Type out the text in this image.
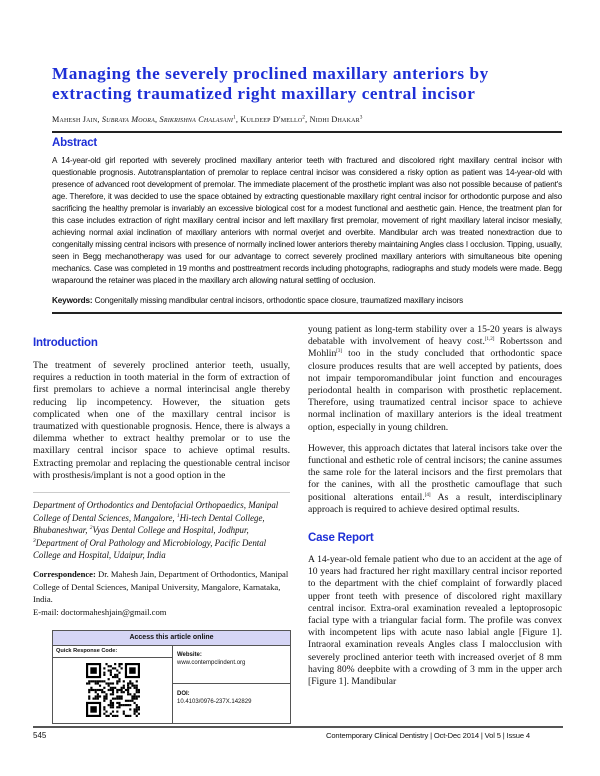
Managing the severely proclined maxillary anteriors by extracting traumatized right maxillary central incisor
Mahesh Jain, Subraya Moora, Srikrishna Chalasani$^1$, Kuldeep D'mello$^2$, Nidhi Dhakar$^3$
Abstract

A 14-year-old girl reported with severely proclined maxillary anterior teeth with fractured and discolored right maxillary central incisor with questionable prognosis. Autotransplantation of premolar to replace central incisor was considered a risky option as patient was 14-year-old with presence of advanced root development of premolar. The immediate placement of the prosthetic implant was also not possible because of patient's age. Therefore, it was decided to use the space obtained by extracting questionable maxillary right central incisor for orthodontic purpose and also sacrificing the healthy premolar is invariably an excessive biological cost for a modest functional and aesthetic gain. Hence, the treatment plan for this case includes extraction of right maxillary central incisor and left maxillary first premolar, movement of right maxillary lateral incisor mesially, achieving normal axial inclination of maxillary anteriors with normal overjet and overbite. Mandibular arch was treated nonextraction due to congenitally missing central incisors with presence of normally inclined lower anteriors thereby maintaining Angles class I occlusion. Tipping, usually, seen in Begg mechanotherapy was used for our advantage to correct severely proclined maxillary anteriors with simultaneous bite opening mechanics. Case was completed in 19 months and posttreatment records including photographs, radiographs and study models were made. Begg wraparound the retainer was placed in the maxillary arch allowing natural settling of occlusion.

Keywords: Congenitally missing mandibular central incisors, orthodontic space closure, traumatized maxillary incisors
Introduction

The treatment of severely proclined anterior teeth, usually, requires a reduction in tooth material in the form of extraction of first premolars to achieve a normal interincisal angle thereby reducing lip incompetency. However, the situation gets complicated when one of the maxillary central incisor is traumatized with questionable prognosis. Hence, there is always a dilemma whether to extract healthy premolar or to use the maxillary central incisor space to achieve optimal results. Extracting premolar and replacing the questionable central incisor with prosthesis/implant is not a good option in the

Department of Orthodontics and Dentofacial Orthopaedics, Manipal College of Dental Sciences, Mangalore, $^1$Hi-tech Dental College, Bhubaneshwar, $^2$Vyas Dental College and Hospital, Jodhpur, $^3$Department of Oral Pathology and Microbiology, Pacific Dental College and Hospital, Udaipur, India
Correspondence: Dr. Mahesh Jain, Department of Orthodontics, Manipal College of Dental Sciences, Manipal University, Mangalore, Karnataka, India.
E-mail: doctormaheshjain@gmail.com
Access this article online
Quick Response Code:
Website:
www.contempclindent.org
DOI:
10.4103/0976-237X.142829

young patient as long-term stability over a 15-20 years is always debatable with involvement of heavy cost.[1,2] Robertsson and Mohlin[3] too in the study concluded that orthodontic space closure produces results that are well accepted by patients, does not impair temporomandibular joint function and encourages periodontal health in comparison with prosthetic replacement. Therefore, using traumatized central incisor space to achieve normal inclination of maxillary anteriors is the ideal treatment option, especially in young children.

However, this approach dictates that lateral incisors take over the functional and esthetic role of central incisors; the canine assumes the same role for the lateral incisors and the first premolars that for the canines, with all the prosthetic camouflage that such positional alterations entail.[4] As a result, interdisciplinary approach is required to achieve desired optimal results.

Case Report

A 14-year-old female patient who due to an accident at the age of 10 years had fractured her right maxillary central incisor reported to the department with the chief complaint of forwardly placed upper front teeth with presence of discolored right maxillary central incisor. Extra-oral examination revealed a leptoprosopic facial type with a triangular facial form. The profile was convex with incompetent lips with acute naso labial angle [Figure 1]. Intraoral examination reveals Angles class I malocclusion with severely proclined anterior teeth with increased overjet of 8 mm having 80% deepbite with a crowding of 3 mm in the upper arch [Figure 1]. Mandibular

545	Contemporary Clinical Dentistry | Oct-Dec 2014 | Vol 5 | Issue 4
